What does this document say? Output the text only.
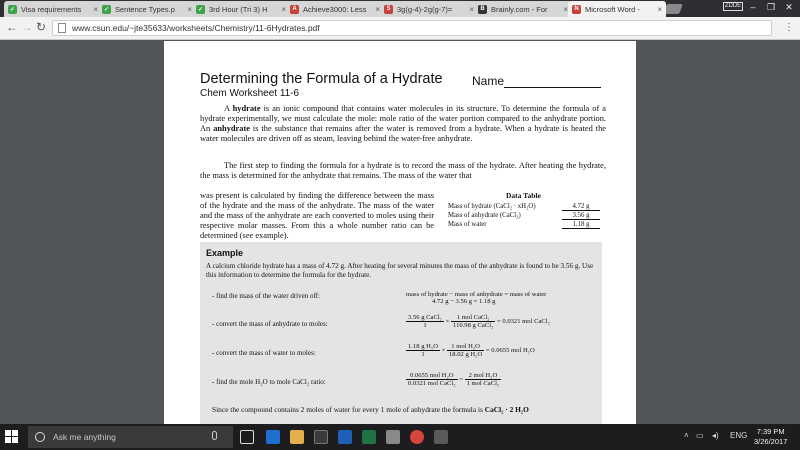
✓ Visa requirements	× ✓ Sentence Types.p	× ✓ 3rd Hour (Tri 3) H	×	A Achieve3000: Less	×	S 3g(g-4)-2g(g-7)=	×	B Brainly.com - For	×	N Microsoft Word -	×	ZDDE	–	❐	✕
← → ↻	www.csun.edu/~jte35633/worksheets/Chemistry/11-6Hydrates.pdf	⋮
Determining the Formula of a Hydrate
Chem Worksheet 11-6
Name
A hydrate is an ionic compound that contains water molecules in its structure. To determine the formula of a hydrate experimentally, we must calculate the mole: mole ratio of the water portion compared to the anhydrate portion. An anhydrate is the substance that remains after the water is removed from a hydrate. When a hydrate is heated the water molecules are driven off as steam, leaving behind the water-free anhydrate.
The first step to finding the formula for a hydrate is to record the mass of the hydrate. After heating the hydrate, the mass is determined for the anhydrate that remains. The mass of the water that
was present is calculated by finding the difference between the mass of the hydrate and the mass of the anhydrate. The mass of the water and the mass of the anhydrate are each converted to moles using their respective molar masses. From this a whole number ratio can be determined (see example).
Data Table
Mass of hydrate (CaCl₂ · xH₂O)	4.72 g
Mass of anhydrate (CaCl₂)	3.56 g
Mass of water	1.18 g
Example
A calcium chloride hydrate has a mass of 4.72 g. After heating for several minutes the mass of the anhydrate is found to be 3.56 g. Use this information to determine the formula for the hydrate.
- find the mass of the water driven off:	mass of hydrate − mass of anhydrate = mass of water
4.72 g − 3.56 g = 1.18 g
- convert the mass of anhydrate to moles:	$\frac{\text{3.56 g CaCl₂}}{1} \times \frac{\text{1 mol CaCl₂}}{\text{110.98 g CaCl₂}} = 0.0321$ mol CaCl₂
- convert the mass of water to moles:	$\frac{\text{1.18 g H₂O}}{1} \times \frac{\text{1 mol H₂O}}{\text{18.02 g H₂O}} = 0.0655$ mol H₂O
- find the mole H₂O to mole CaCl₂ ratio:	$\frac{\text{0.0655 mol H₂O}}{\text{0.0321 mol CaCl₂}} = \frac{\text{2 mol H₂O}}{\text{1 mol CaCl₂}}$
Since the compound contains 2 moles of water for every 1 mole of anhydrate the formula is CaCl₂ · 2 H₂O
Ask me anything	˄ ▭ ◂) ENG	7:39 PM
3/26/2017
